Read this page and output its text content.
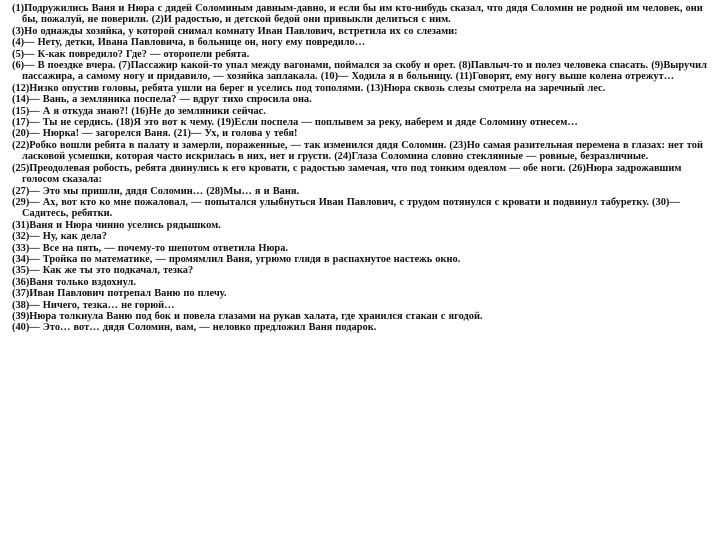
(1)Подружились Ваня и Нюра с дядей Соломиным давным-давно, и если бы им кто-нибудь сказал, что дядя Соломин не родной им человек, они бы, пожалуй, не поверили. (2)И радостью, и детской бедой они привыкли делиться с ним.

(3)Но однажды хозяйка, у которой снимал комнату Иван Павлович, встретила их со слезами:

(4)— Нету, детки, Ивана Павловича, в больнице он, ногу ему повредило…

(5)— К-как повредило? Где? — оторопели ребята.

(6)— В поездке вчера. (7)Пассажир какой-то упал между вагонами, поймался за скобу и орет. (8)Павлыч-то и полез человека спасать. (9)Выручил пассажира, а самому ногу и придавило, — хозяйка заплакала. (10)— Ходила я в больницу. (11)Говорят, ему ногу выше колена отрежут…

(12)Низко опустив головы, ребята ушли на берег и уселись под тополями. (13)Нюра сквозь слезы смотрела на заречный лес.

(14)— Вань, а земляника поспела? — вдруг тихо спросила она.

(15)— А я откуда знаю?! (16)Не до земляники сейчас.

(17)— Ты не сердись. (18)Я это вот к чему. (19)Если поспела — поплывем за реку, наберем и дяде Соломину отнесем…

(20)— Нюрка! — загорелся Ваня. (21)— Ух, и голова у тебя!

(22)Робко вошли ребята в палату и замерли, пораженные, — так изменился дядя Соломин. (23)Но самая разительная перемена в глазах: нет той ласковой усмешки, которая часто искрилась в них, нет и грусти. (24)Глаза Соломина словно стеклянные — ровные, безразличные.

(25)Преодолевая робость, ребята двинулись к его кровати, с радостью замечая, что под тонким одеялом — обе ноги. (26)Нюра задрожавшим голосом сказала:

(27)— Это мы пришли, дядя Соломин… (28)Мы… я и Ваня.

(29)— Ах, вот кто ко мне пожаловал, — попытался улыбнуться Иван Павлович, с трудом потянулся с кровати и подвинул табуретку. (30)— Садитесь, ребятки.

(31)Ваня и Нюра чинно уселись рядышком.

(32)— Ну, как дела?

(33)— Все на пять, — почему-то шепотом ответила Нюра.

(34)— Тройка по математике, — промямлил Ваня, угрюмо глядя в распахнутое настежь окно.

(35)— Как же ты это подкачал, тезка?

(36)Ваня только вздохнул.

(37)Иван Павлович потрепал Ваню по плечу.

(38)— Ничего, тезка… не горюй…

(39)Нюра толкнула Ваню под бок и повела глазами на рукав халата, где хранился стакан с ягодой.

(40)— Это… вот… дядя Соломин, вам, — неловко предложил Ваня подарок.
